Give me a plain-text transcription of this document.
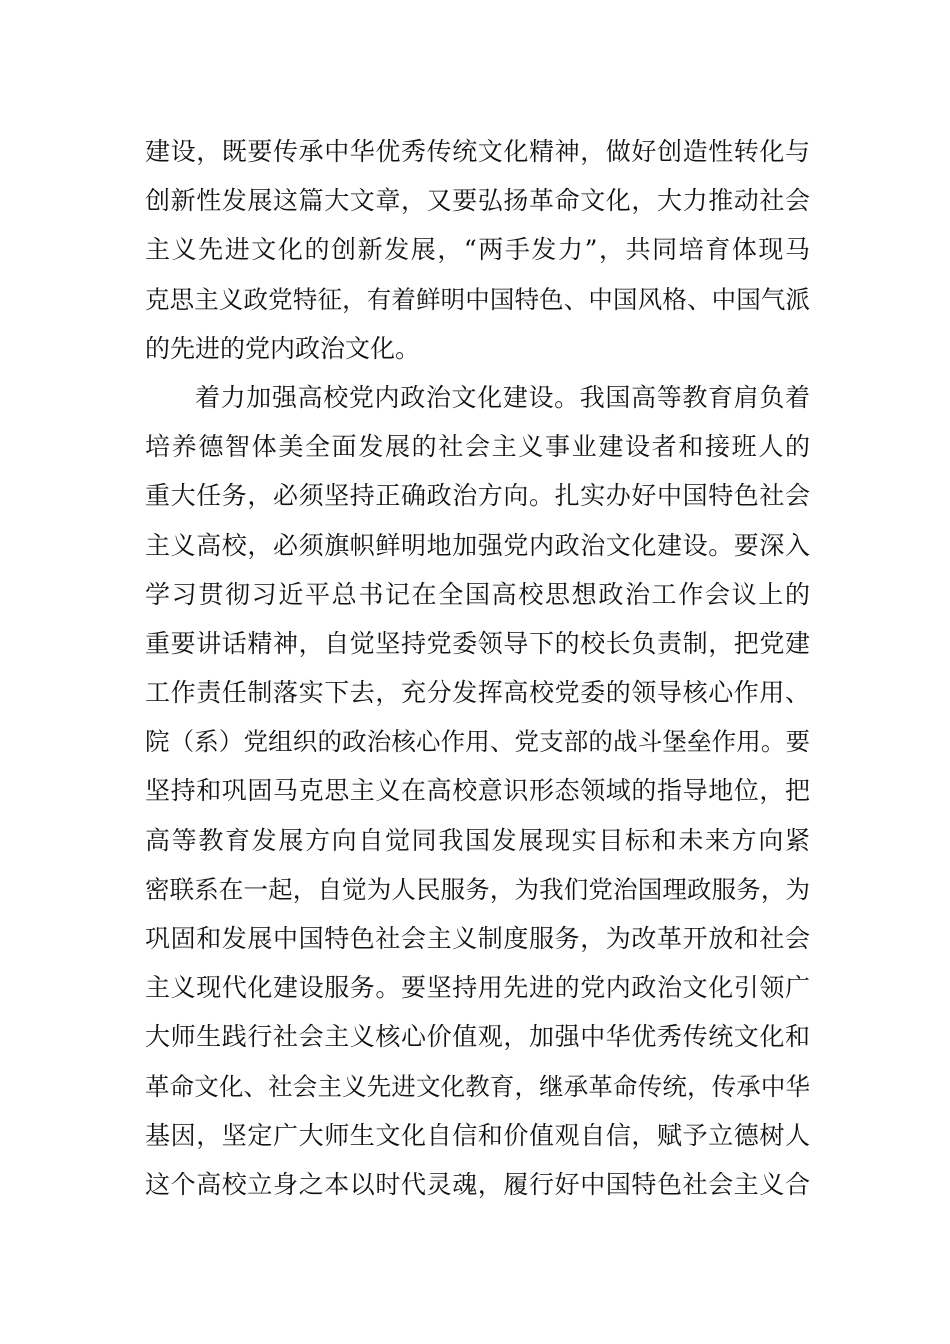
建设，既要传承中华优秀传统文化精神，做好创造性转化与
创新性发展这篇大文章，又要弘扬革命文化，大力推动社会
主义先进文化的创新发展，“两手发力”，共同培育体现马
克思主义政党特征，有着鲜明中国特色、中国风格、中国气派
的先进的党内政治文化。
着力加强高校党内政治文化建设。我国高等教育肩负着
培养德智体美全面发展的社会主义事业建设者和接班人的
重大任务，必须坚持正确政治方向。扎实办好中国特色社会
主义高校，必须旗帜鲜明地加强党内政治文化建设。要深入
学习贯彻习近平总书记在全国高校思想政治工作会议上的
重要讲话精神，自觉坚持党委领导下的校长负责制，把党建
工作责任制落实下去，充分发挥高校党委的领导核心作用、
院（系）党组织的政治核心作用、党支部的战斗堡垒作用。要
坚持和巩固马克思主义在高校意识形态领域的指导地位，把
高等教育发展方向自觉同我国发展现实目标和未来方向紧
密联系在一起，自觉为人民服务，为我们党治国理政服务，为
巩固和发展中国特色社会主义制度服务，为改革开放和社会
主义现代化建设服务。要坚持用先进的党内政治文化引领广
大师生践行社会主义核心价值观，加强中华优秀传统文化和
革命文化、社会主义先进文化教育，继承革命传统，传承中华
基因，坚定广大师生文化自信和价值观自信，赋予立德树人
这个高校立身之本以时代灵魂，履行好中国特色社会主义合
